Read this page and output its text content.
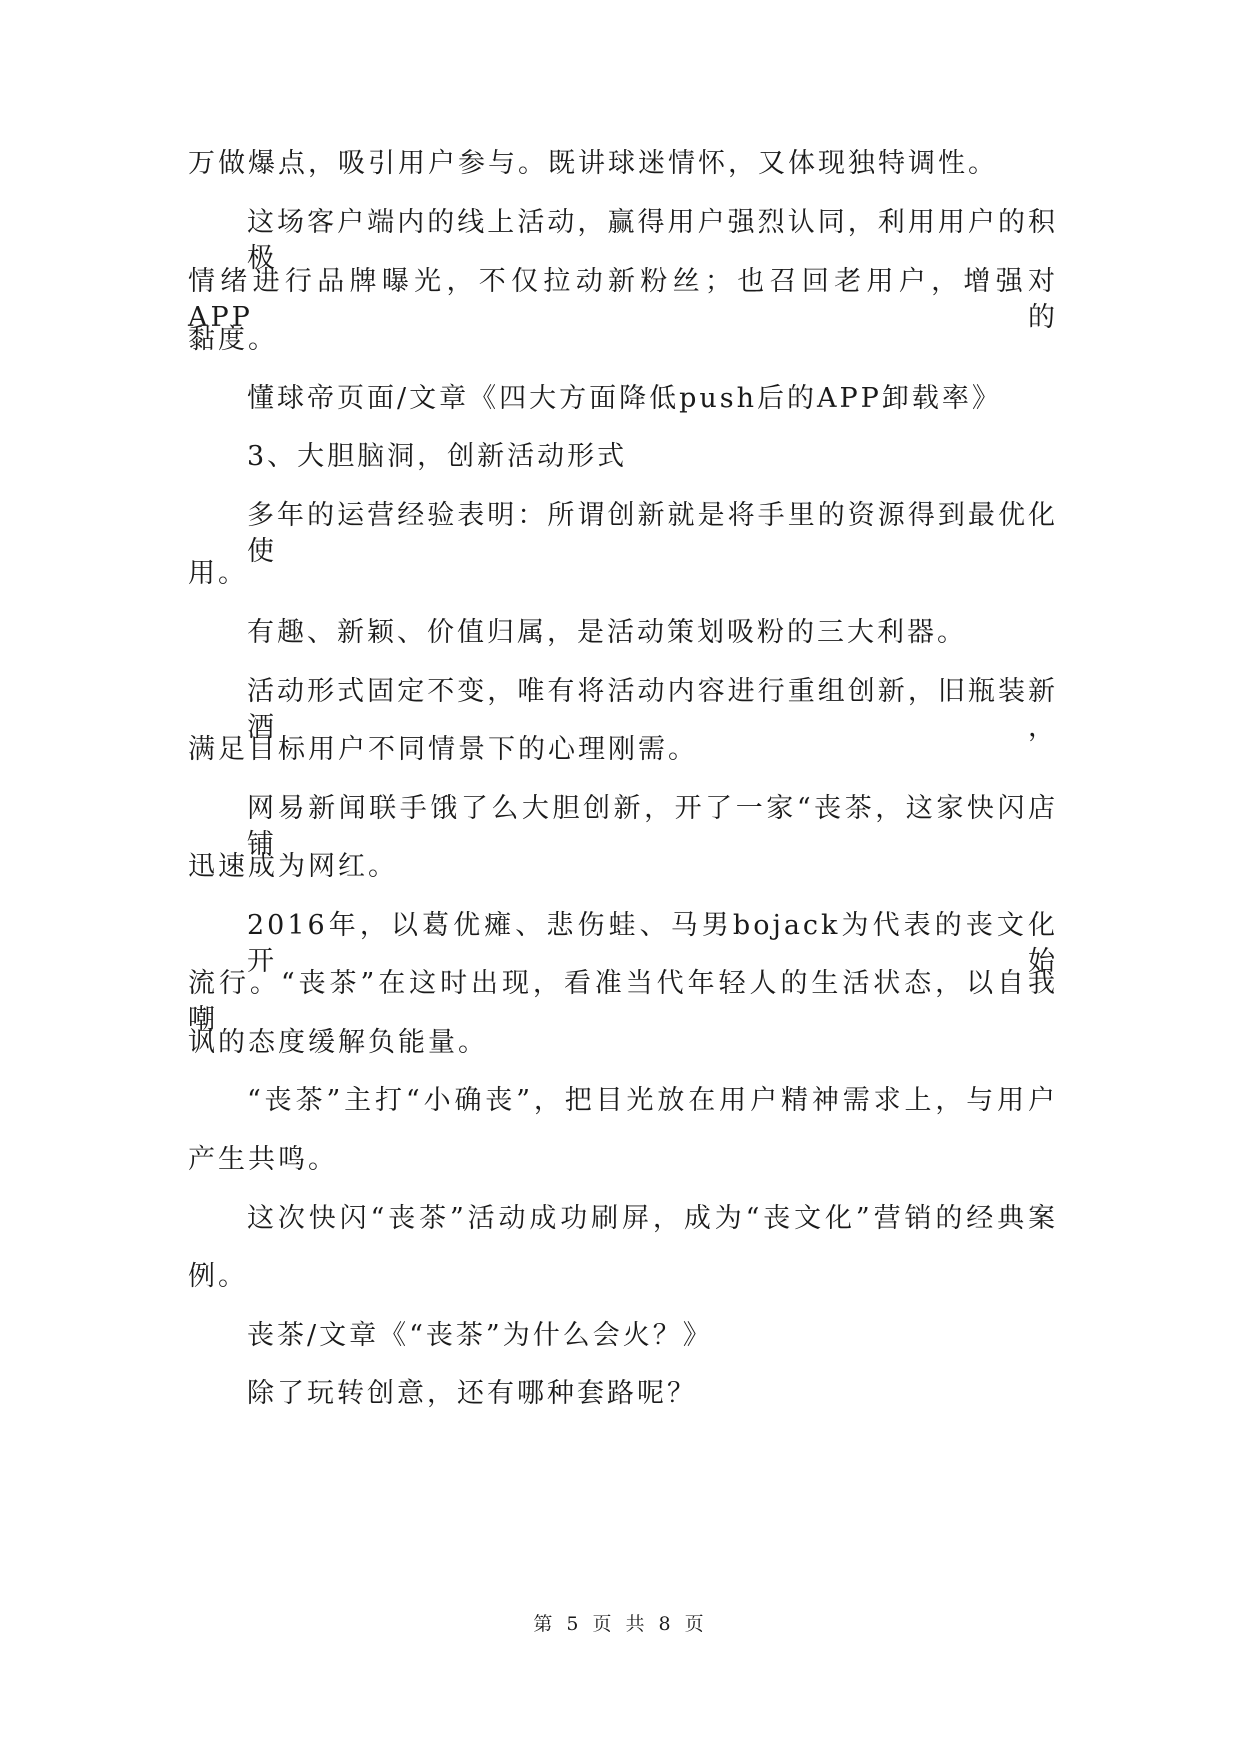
万做爆点，吸引用户参与。既讲球迷情怀，又体现独特调性。
这场客户端内的线上活动，赢得用户强烈认同，利用用户的积极
情绪进行品牌曝光，不仅拉动新粉丝；也召回老用户，增强对APP的
黏度。
懂球帝页面/文章《四大方面降低push后的APP卸载率》
3、大胆脑洞，创新活动形式
多年的运营经验表明：所谓创新就是将手里的资源得到最优化使
用。
有趣、新颖、价值归属，是活动策划吸粉的三大利器。
活动形式固定不变，唯有将活动内容进行重组创新，旧瓶装新酒，
满足目标用户不同情景下的心理刚需。
网易新闻联手饿了么大胆创新，开了一家“丧茶，这家快闪店铺
迅速成为网红。
2016年，以葛优瘫、悲伤蛙、马男bojack为代表的丧文化开始
流行。“丧茶”在这时出现，看准当代年轻人的生活状态，以自我嘲
讽的态度缓解负能量。
“丧茶”主打“小确丧”，把目光放在用户精神需求上，与用户
产生共鸣。
这次快闪“丧茶”活动成功刷屏，成为“丧文化”营销的经典案
例。
丧茶/文章《“丧茶”为什么会火？》
除了玩转创意，还有哪种套路呢？
第 5 页 共 8 页
